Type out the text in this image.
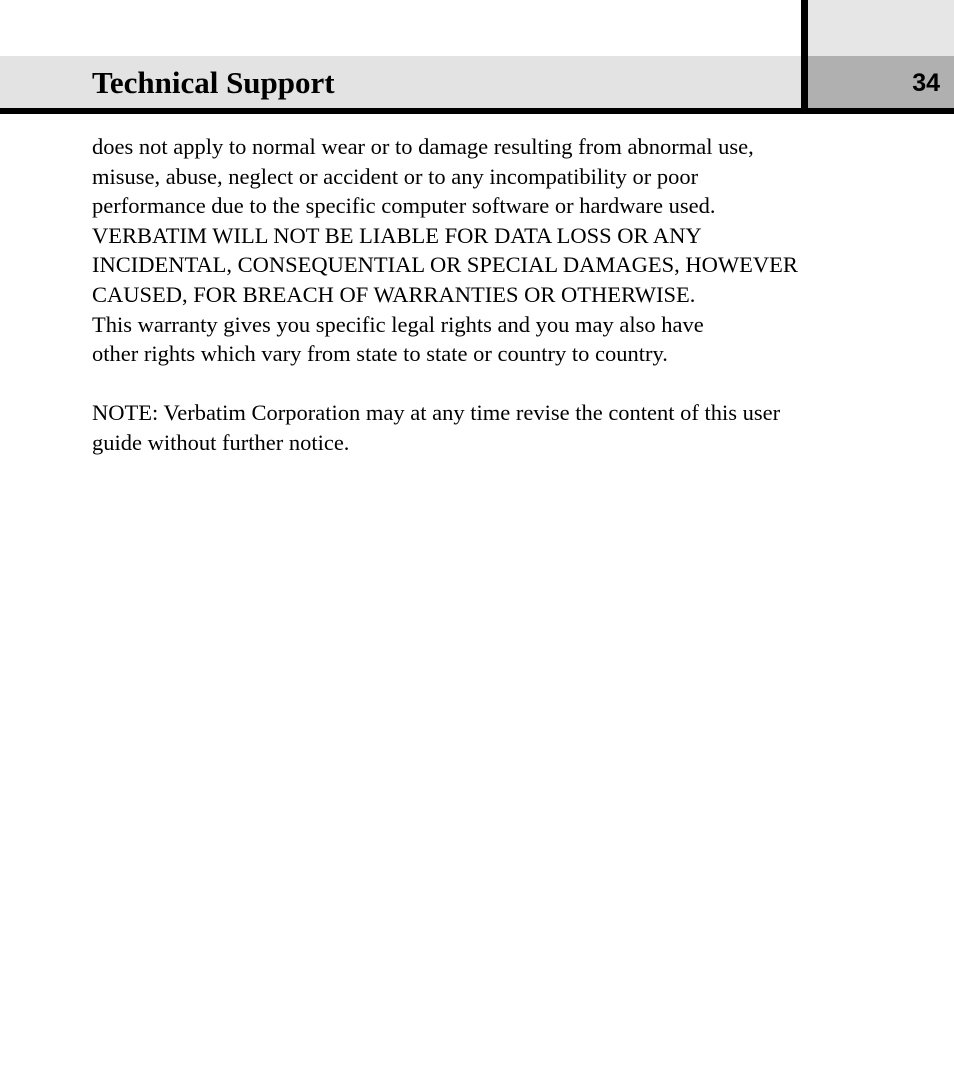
Technical Support	34
does not apply to normal wear or to damage resulting from abnormal use,
misuse, abuse, neglect or accident or to any incompatibility or poor
performance due to the specific computer software or hardware used.
VERBATIM WILL NOT BE LIABLE FOR DATA LOSS OR ANY
INCIDENTAL, CONSEQUENTIAL OR SPECIAL DAMAGES, HOWEVER
CAUSED, FOR BREACH OF WARRANTIES OR OTHERWISE.
This warranty gives you specific legal rights and you may also have
other rights which vary from state to state or country to country.
NOTE: Verbatim Corporation may at any time revise the content of this user
guide without further notice.
